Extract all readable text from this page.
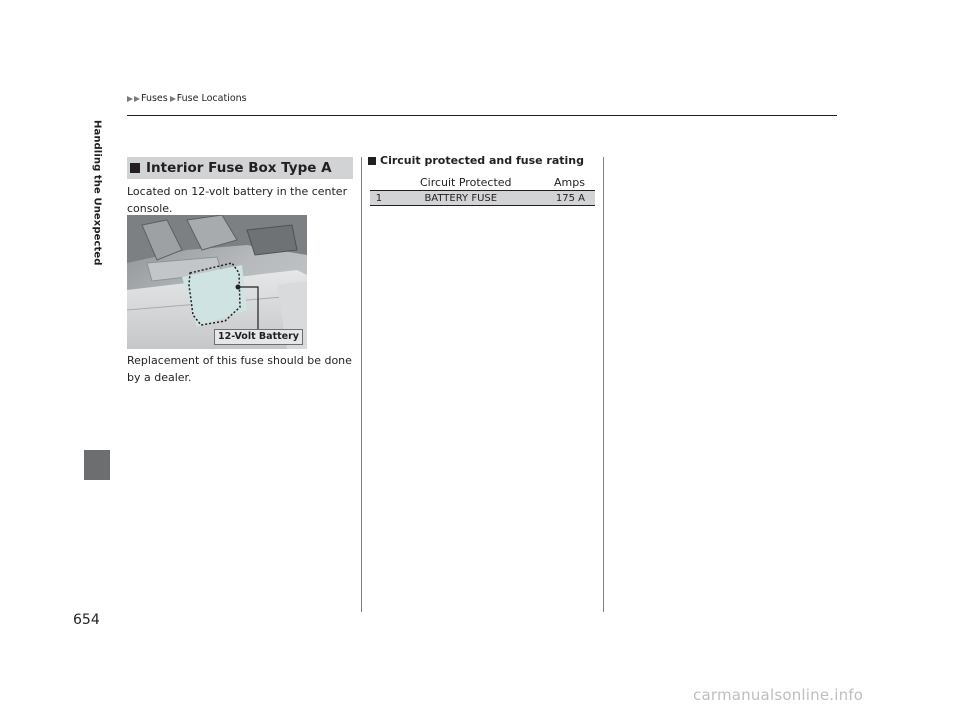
Fuses Fuse Locations
Handling the Unexpected
654
Interior Fuse Box Type A
Located on 12-volt battery in the center console.
12-Volt Battery
Replacement of this fuse should be done by a dealer.
Circuit protected and fuse rating
	Circuit Protected	Amps
1	BATTERY FUSE	175 A
carmanualsonline.info
